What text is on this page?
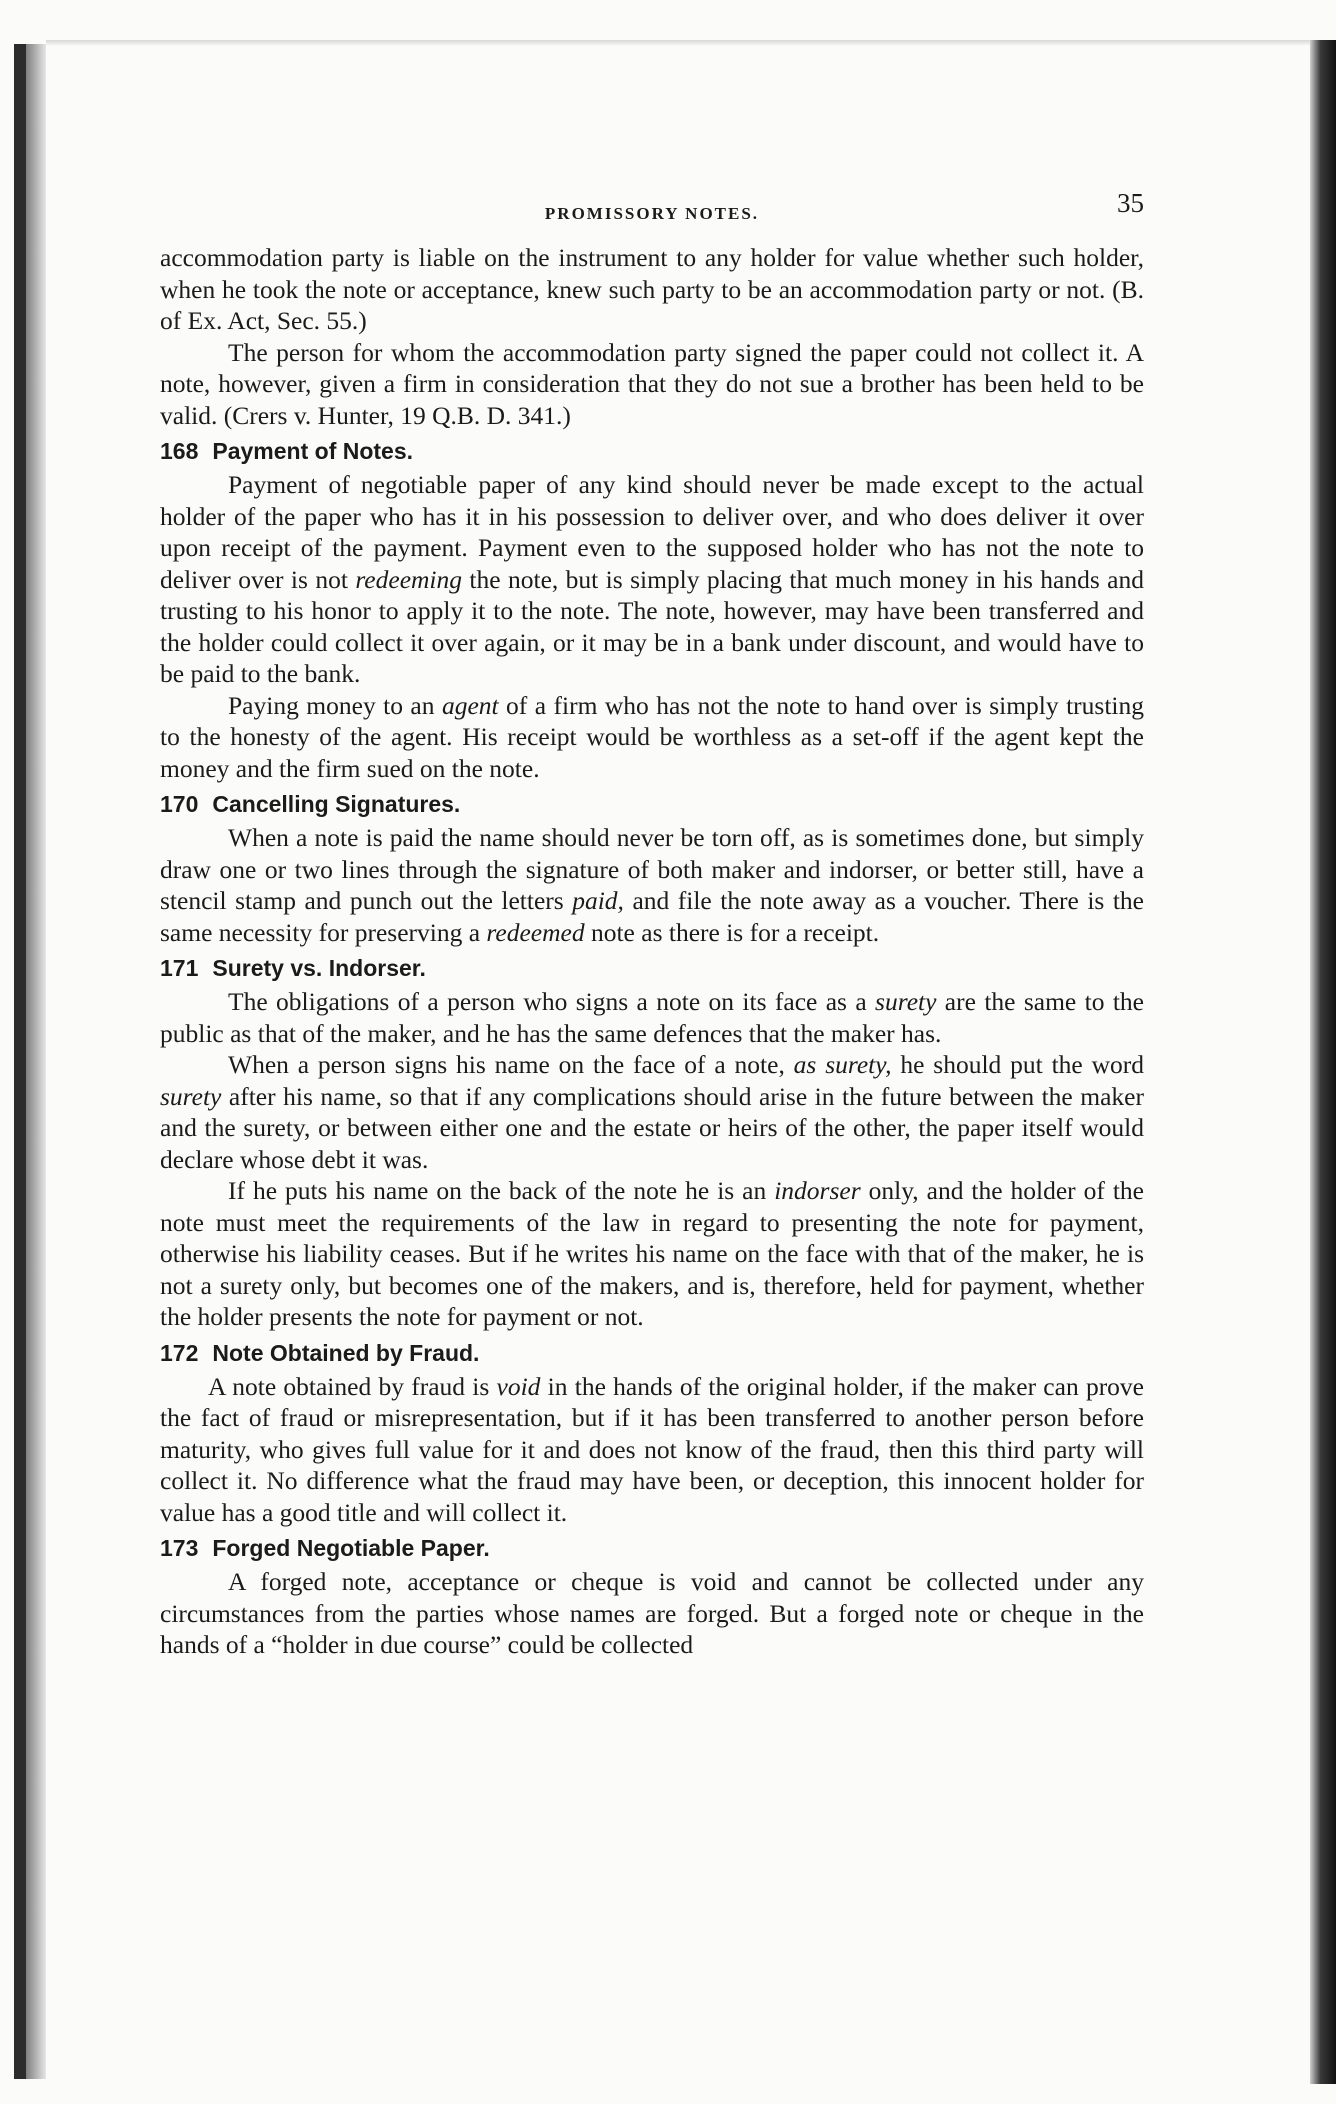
PROMISSORY NOTES.	35

accommodation party is liable on the instrument to any holder for value whether such holder, when he took the note or acceptance, knew such party to be an accommodation party or not. (B. of Ex. Act, Sec. 55.)

The person for whom the accommodation party signed the paper could not collect it. A note, however, given a firm in consideration that they do not sue a brother has been held to be valid. (Crers v. Hunter, 19 Q.B. D. 341.)

168 Payment of Notes.

Payment of negotiable paper of any kind should never be made except to the actual holder of the paper who has it in his possession to deliver over, and who does deliver it over upon receipt of the payment. Payment even to the supposed holder who has not the note to deliver over is not redeeming the note, but is simply placing that much money in his hands and trusting to his honor to apply it to the note. The note, however, may have been transferred and the holder could collect it over again, or it may be in a bank under discount, and would have to be paid to the bank.

Paying money to an agent of a firm who has not the note to hand over is simply trusting to the honesty of the agent. His receipt would be worthless as a set-off if the agent kept the money and the firm sued on the note.

170 Cancelling Signatures.

When a note is paid the name should never be torn off, as is sometimes done, but simply draw one or two lines through the signature of both maker and indorser, or better still, have a stencil stamp and punch out the letters paid, and file the note away as a voucher. There is the same necessity for preserving a redeemed note as there is for a receipt.

171 Surety vs. Indorser.

The obligations of a person who signs a note on its face as a surety are the same to the public as that of the maker, and he has the same defences that the maker has.

When a person signs his name on the face of a note, as surety, he should put the word surety after his name, so that if any complications should arise in the future between the maker and the surety, or between either one and the estate or heirs of the other, the paper itself would declare whose debt it was.

If he puts his name on the back of the note he is an indorser only, and the holder of the note must meet the requirements of the law in regard to presenting the note for payment, otherwise his liability ceases. But if he writes his name on the face with that of the maker, he is not a surety only, but becomes one of the makers, and is, therefore, held for payment, whether the holder presents the note for payment or not.

172 Note Obtained by Fraud.

A note obtained by fraud is void in the hands of the original holder, if the maker can prove the fact of fraud or misrepresentation, but if it has been transferred to another person before maturity, who gives full value for it and does not know of the fraud, then this third party will collect it. No difference what the fraud may have been, or deception, this innocent holder for value has a good title and will collect it.

173 Forged Negotiable Paper.

A forged note, acceptance or cheque is void and cannot be collected under any circumstances from the parties whose names are forged. But a forged note or cheque in the hands of a “holder in due course” could be collected
